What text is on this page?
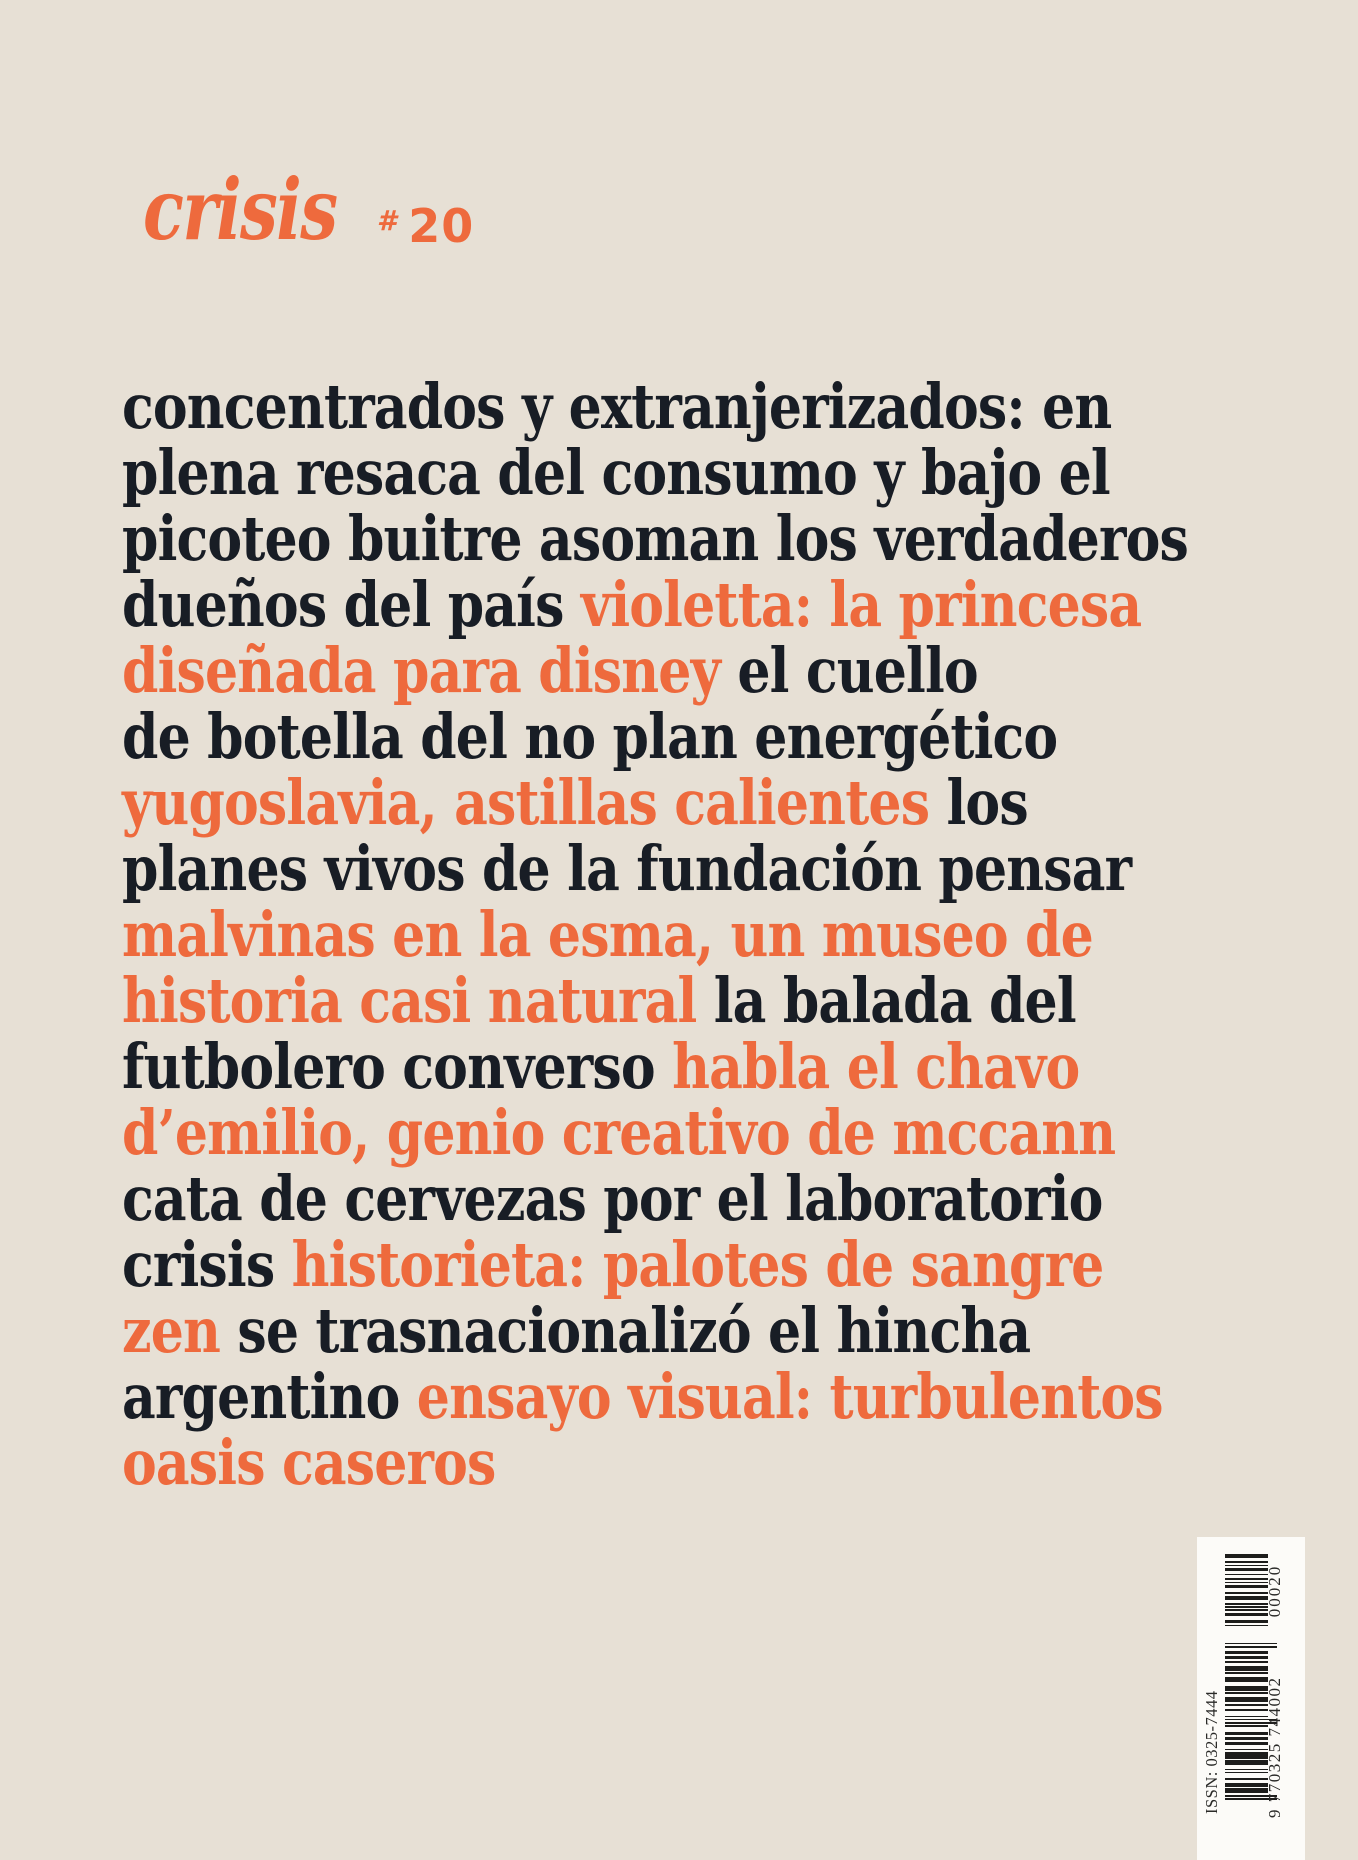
crisis # 20
concentrados y extranjerizados: en
plena resaca del consumo y bajo el
picoteo buitre asoman los verdaderos
dueños del país violetta: la princesa
diseñada para disney el cuello
de botella del no plan energético
yugoslavia, astillas calientes los
planes vivos de la fundación pensar
malvinas en la esma, un museo de
historia casi natural la balada del
futbolero converso habla el chavo
d’emilio, genio creativo de mccann
cata de cervezas por el laboratorio
crisis historieta: palotes de sangre
zen se trasnacionalizó el hincha
argentino ensayo visual: turbulentos
oasis caseros
ISSN: 0325-7444	9 770325 744002
00020
